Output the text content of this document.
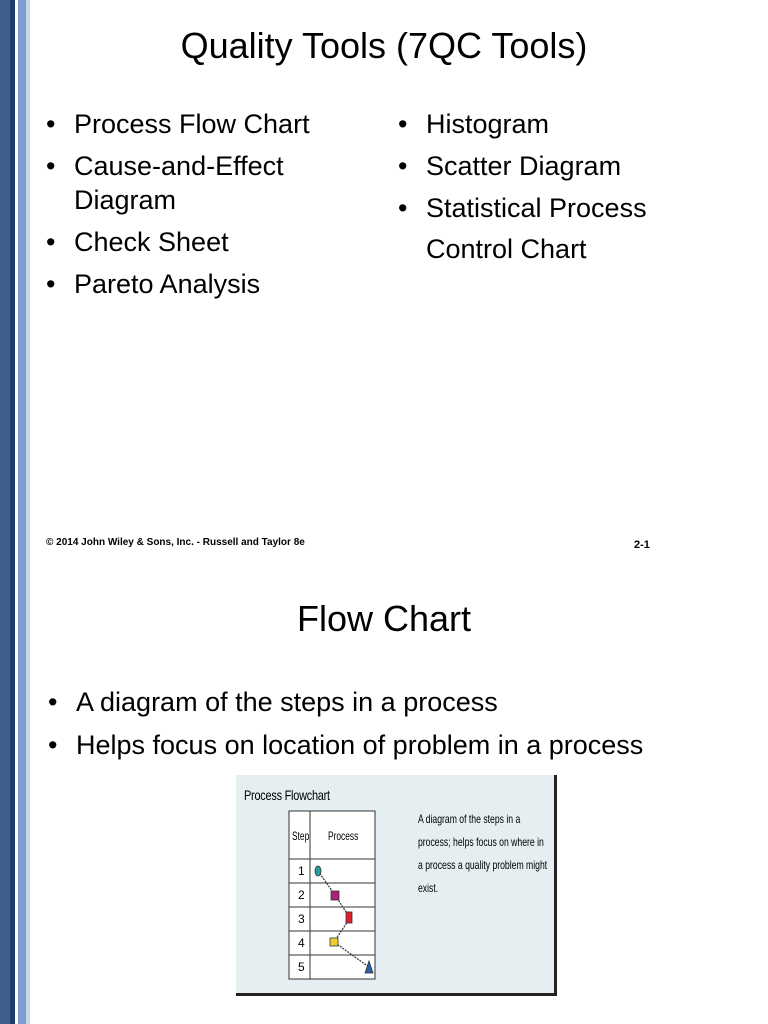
Quality Tools (7QC Tools)
• Process Flow Chart
• Cause-and-Effect Diagram
• Check Sheet
• Pareto Analysis
• Histogram
• Scatter Diagram
• Statistical Process Control Chart
© 2014 John Wiley & Sons, Inc. - Russell and Taylor 8e	2-1
Flow Chart
• A diagram of the steps in a process
• Helps focus on location of problem in a process
Process Flowchart
A diagram of the steps in a process; helps focus on where in a process a quality problem might exist.
Step Process
1
2
3
4
5
